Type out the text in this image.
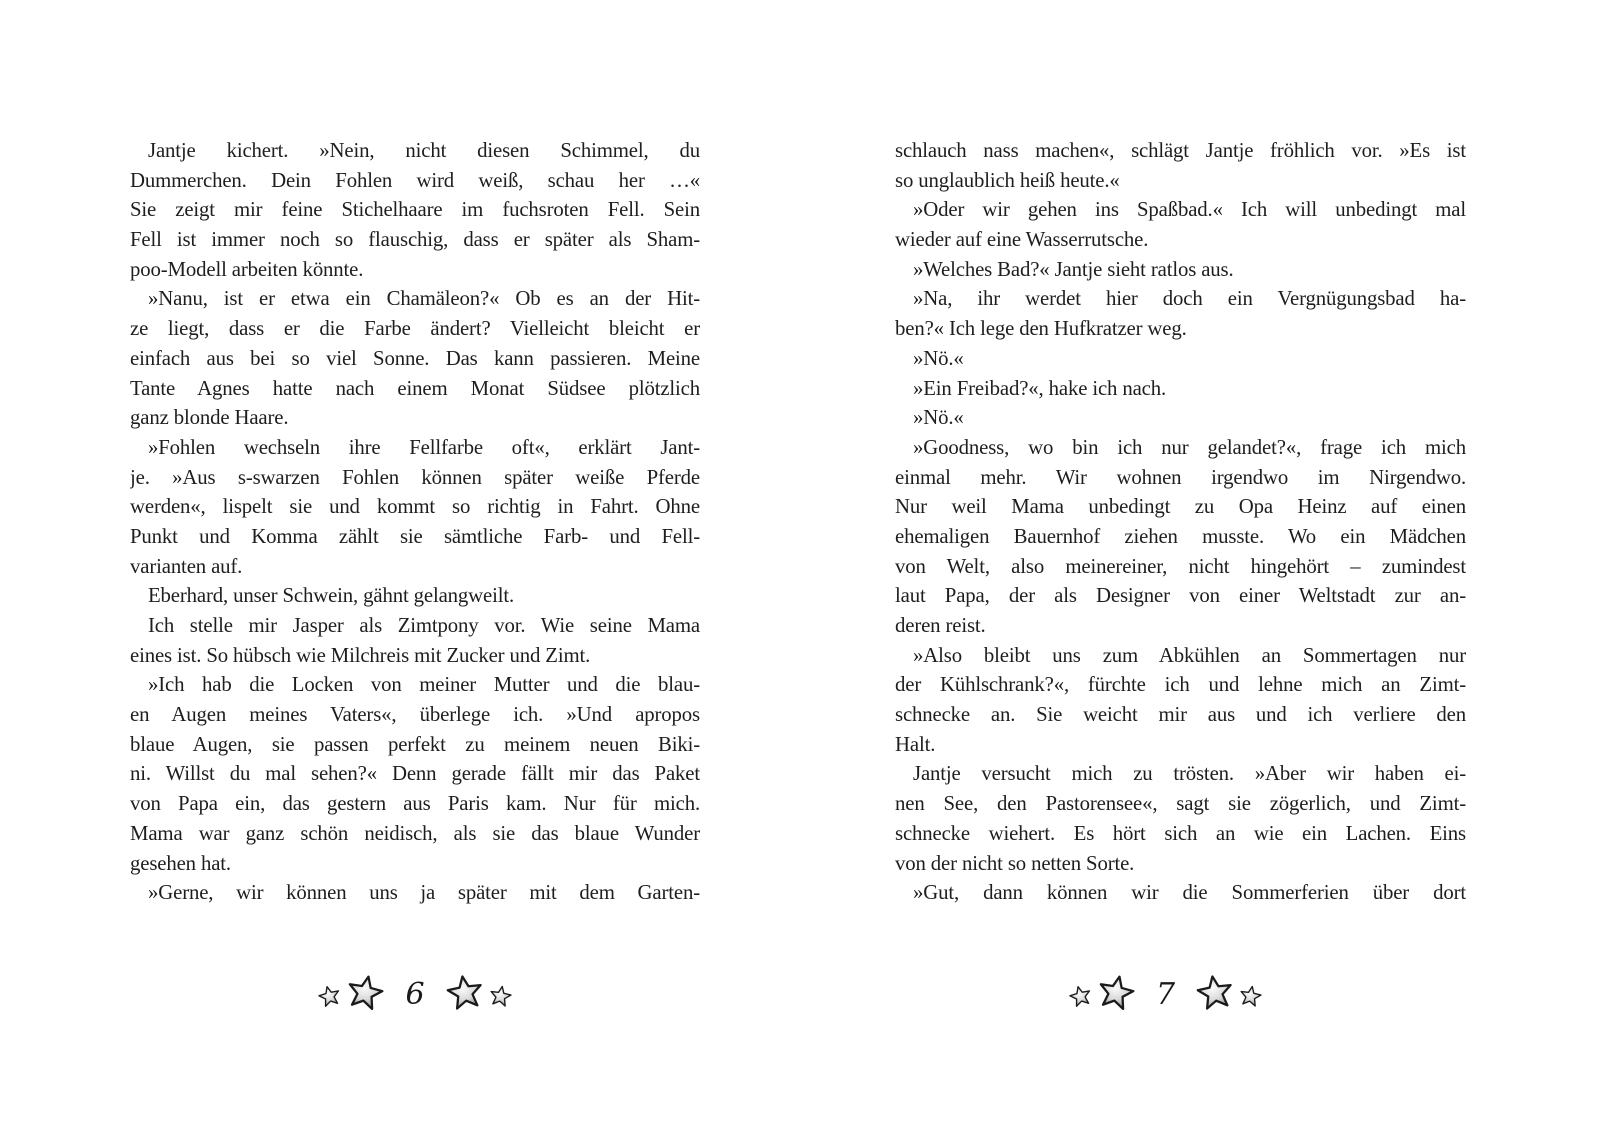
Jantje kichert. »Nein, nicht diesen Schimmel, du
Dummerchen. Dein Fohlen wird weiß, schau her …«
Sie zeigt mir feine Stichelhaare im fuchsroten Fell. Sein
Fell ist immer noch so flauschig, dass er später als Sham-
poo-Modell arbeiten könnte.
»Nanu, ist er etwa ein Chamäleon?« Ob es an der Hit-
ze liegt, dass er die Farbe ändert? Vielleicht bleicht er
einfach aus bei so viel Sonne. Das kann passieren. Meine
Tante Agnes hatte nach einem Monat Südsee plötzlich
ganz blonde Haare.
»Fohlen wechseln ihre Fellfarbe oft«, erklärt Jant-
je. »Aus s-swarzen Fohlen können später weiße Pferde
werden«, lispelt sie und kommt so richtig in Fahrt. Ohne
Punkt und Komma zählt sie sämtliche Farb- und Fell-
varianten auf.
Eberhard, unser Schwein, gähnt gelangweilt.
Ich stelle mir Jasper als Zimtpony vor. Wie seine Mama
eines ist. So hübsch wie Milchreis mit Zucker und Zimt.
»Ich hab die Locken von meiner Mutter und die blau-
en Augen meines Vaters«, überlege ich. »Und apropos
blaue Augen, sie passen perfekt zu meinem neuen Biki-
ni. Willst du mal sehen?« Denn gerade fällt mir das Paket
von Papa ein, das gestern aus Paris kam. Nur für mich.
Mama war ganz schön neidisch, als sie das blaue Wunder
gesehen hat.
»Gerne, wir können uns ja später mit dem Garten-
schlauch nass machen«, schlägt Jantje fröhlich vor. »Es ist
so unglaublich heiß heute.«
»Oder wir gehen ins Spaßbad.« Ich will unbedingt mal
wieder auf eine Wasserrutsche.
»Welches Bad?« Jantje sieht ratlos aus.
»Na, ihr werdet hier doch ein Vergnügungsbad ha-
ben?« Ich lege den Hufkratzer weg.
»Nö.«
»Ein Freibad?«, hake ich nach.
»Nö.«
»Goodness, wo bin ich nur gelandet?«, frage ich mich
einmal mehr. Wir wohnen irgendwo im Nirgendwo.
Nur weil Mama unbedingt zu Opa Heinz auf einen
ehemaligen Bauernhof ziehen musste. Wo ein Mädchen
von Welt, also meinereiner, nicht hingehört – zumindest
laut Papa, der als Designer von einer Weltstadt zur an-
deren reist.
»Also bleibt uns zum Abkühlen an Sommertagen nur
der Kühlschrank?«, fürchte ich und lehne mich an Zimt-
schnecke an. Sie weicht mir aus und ich verliere den
Halt.
Jantje versucht mich zu trösten. »Aber wir haben ei-
nen See, den Pastorensee«, sagt sie zögerlich, und Zimt-
schnecke wiehert. Es hört sich an wie ein Lachen. Eins
von der nicht so netten Sorte.
»Gut, dann können wir die Sommerferien über dort
6	7
